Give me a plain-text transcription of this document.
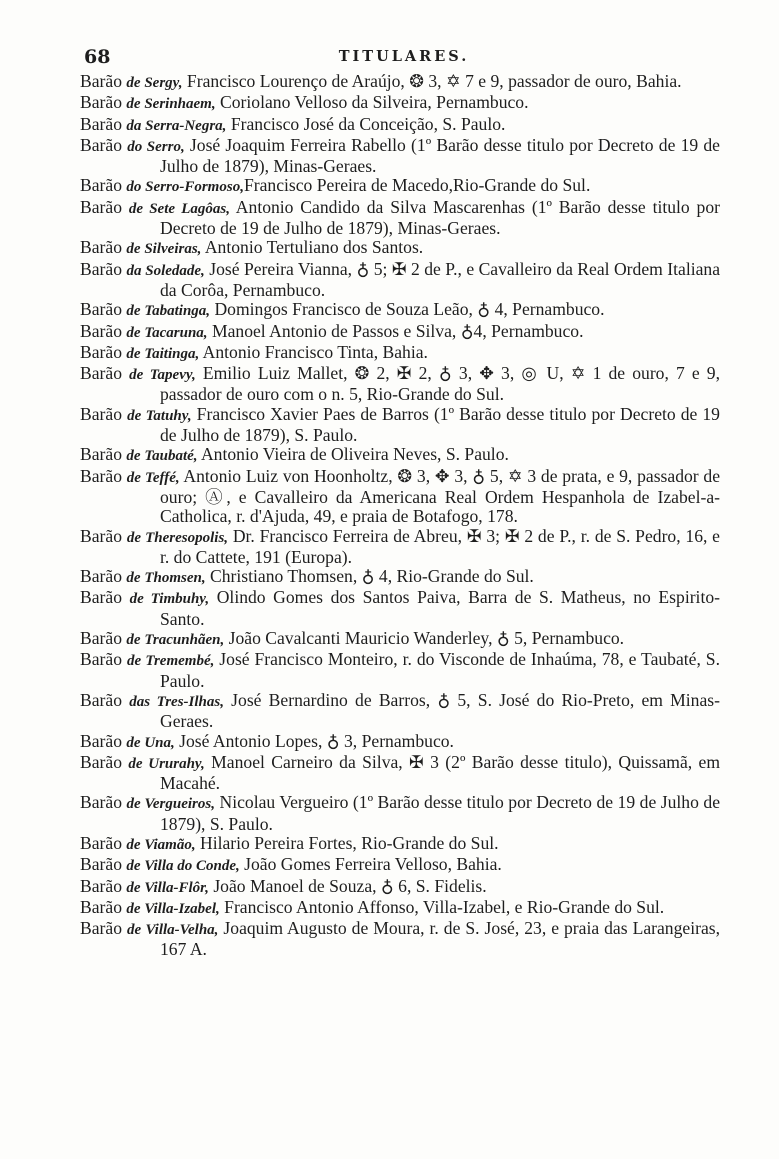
68	TITULARES.
Barão de Sergy, Francisco Lourenço de Araújo, ❂ 3, ✡ 7 e 9, passador de ouro, Bahia.
Barão de Serinhaem, Coriolano Velloso da Silveira, Pernambuco.
Barão da Serra-Negra, Francisco José da Conceição, S. Paulo.
Barão do Serro, José Joaquim Ferreira Rabello (1º Barão desse titulo por Decreto de 19 de Julho de 1879), Minas-Geraes.
Barão do Serro-Formoso,Francisco Pereira de Macedo,Rio-Grande do Sul.
Barão de Sete Lagôas, Antonio Candido da Silva Mascarenhas (1º Barão desse titulo por Decreto de 19 de Julho de 1879), Minas-Geraes.
Barão de Silveiras, Antonio Tertuliano dos Santos.
Barão da Soledade, José Pereira Vianna, ♁ 5; ✠ 2 de P., e Cavalleiro da Real Ordem Italiana da Corôa, Pernambuco.
Barão de Tabatinga, Domingos Francisco de Souza Leão, ♁ 4, Pernambuco.
Barão de Tacaruna, Manoel Antonio de Passos e Silva, ♁4, Pernambuco.
Barão de Taitinga, Antonio Francisco Tinta, Bahia.
Barão de Tapevy, Emilio Luiz Mallet, ❂ 2, ✠ 2, ♁ 3, ✥ 3, ◎ U, ✡ 1 de ouro, 7 e 9, passador de ouro com o n. 5, Rio-Grande do Sul.
Barão de Tatuhy, Francisco Xavier Paes de Barros (1º Barão desse titulo por Decreto de 19 de Julho de 1879), S. Paulo.
Barão de Taubaté, Antonio Vieira de Oliveira Neves, S. Paulo.
Barão de Teffé, Antonio Luiz von Hoonholtz, ❂ 3, ✥ 3, ♁ 5, ✡ 3 de prata, e 9, passador de ouro; Ⓐ, e Cavalleiro da Americana Real Ordem Hespanhola de Izabel-a-Catholica, r. d'Ajuda, 49, e praia de Botafogo, 178.
Barão de Theresopolis, Dr. Francisco Ferreira de Abreu, ✠ 3; ✠ 2 de P., r. de S. Pedro, 16, e r. do Cattete, 191 (Europa).
Barão de Thomsen, Christiano Thomsen, ♁ 4, Rio-Grande do Sul.
Barão de Timbuhy, Olindo Gomes dos Santos Paiva, Barra de S. Matheus, no Espirito-Santo.
Barão de Tracunhãen, João Cavalcanti Mauricio Wanderley, ♁ 5, Pernambuco.
Barão de Tremembé, José Francisco Monteiro, r. do Visconde de Inhaúma, 78, e Taubaté, S. Paulo.
Barão das Tres-Ilhas, José Bernardino de Barros, ♁ 5, S. José do Rio-Preto, em Minas-Geraes.
Barão de Una, José Antonio Lopes, ♁ 3, Pernambuco.
Barão de Ururahy, Manoel Carneiro da Silva, ✠ 3 (2º Barão desse titulo), Quissamã, em Macahé.
Barão de Vergueiros, Nicolau Vergueiro (1º Barão desse titulo por Decreto de 19 de Julho de 1879), S. Paulo.
Barão de Viamão, Hilario Pereira Fortes, Rio-Grande do Sul.
Barão de Villa do Conde, João Gomes Ferreira Velloso, Bahia.
Barão de Villa-Flôr, João Manoel de Souza, ♁ 6, S. Fidelis.
Barão de Villa-Izabel, Francisco Antonio Affonso, Villa-Izabel, e Rio-Grande do Sul.
Barão de Villa-Velha, Joaquim Augusto de Moura, r. de S. José, 23, e praia das Larangeiras, 167 A.
